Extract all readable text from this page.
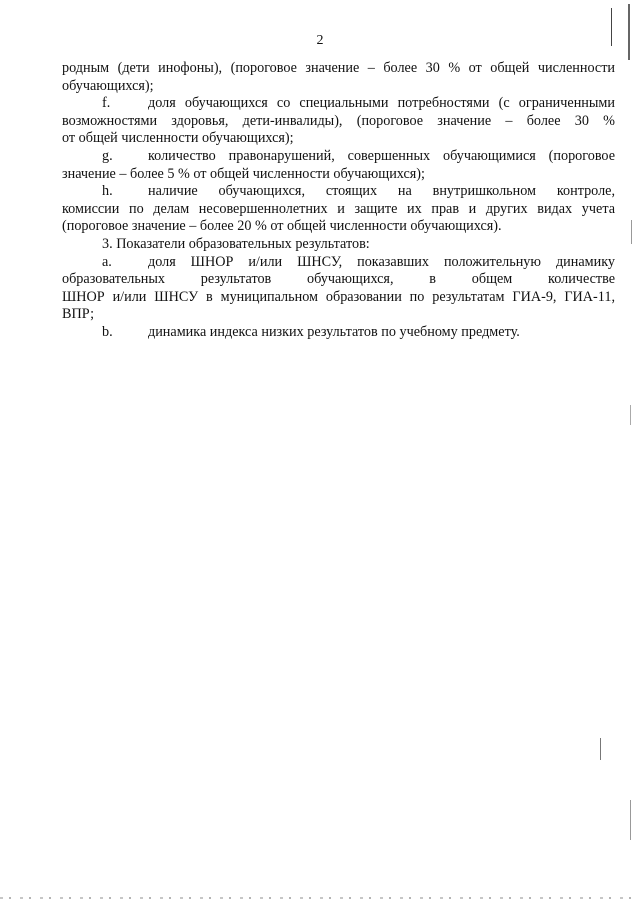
2

родным (дети инофоны), (пороговое значение – более 30 % от общей численности

обучающихся);

f.	доля обучающихся со специальными потребностями (с ограниченными

возможностями здоровья, дети-инвалиды), (пороговое значение – более 30 %

от общей численности обучающихся);

g. количество правонарушений, совершенных обучающимися (пороговое

значение – более 5 % от общей численности обучающихся);

h. наличие обучающихся, стоящих на внутришкольном контроле,

комиссии по делам несовершеннолетних и защите их прав и других видах учета

(пороговое значение – более 20 % от общей численности обучающихся).

3. Показатели образовательных результатов:

a.	доля ШНОР и/или ШНСУ, показавших положительную динамику

образовательных результатов обучающихся, в общем количестве

ШНОР и/или ШНСУ в муниципальном образовании по результатам ГИА-9, ГИА-11,

ВПР;

b. динамика индекса низких результатов по учебному предмету.
